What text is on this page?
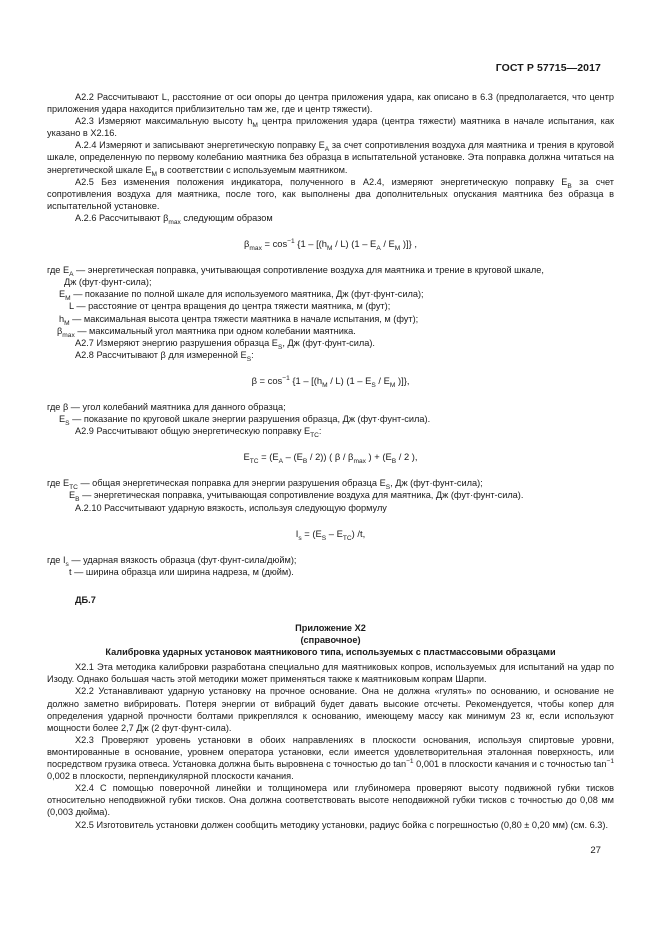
ГОСТ Р 57715—2017

А2.2 Рассчитывают L, расстояние от оси опоры до центра приложения удара, как описано в 6.3 (предполагается, что центр приложения удара находится приблизительно там же, где и центр тяжести).

А2.3 Измеряют максимальную высоту $h_M$ центра приложения удара (центра тяжести) маятника в начале испытания, как указано в Х2.16.

А.2.4 Измеряют и записывают энергетическую поправку $E_A$ за счет сопротивления воздуха для маятника и трения в круговой шкале, определенную по первому колебанию маятника без образца в испытательной установке. Эта поправка должна читаться на энергетической шкале $E_M$ в соответствии с используемым маятником.

А2.5 Без изменения положения индикатора, полученного в А2.4, измеряют энергетическую поправку $E_B$ за счет сопротивления воздуха для маятника, после того, как выполнены два дополнительных опускания маятника без образца в испытательной установке.

А.2.6 Рассчитывают $\beta_{max}$ следующим образом

$\beta_{max} = \cos^{-1} \{1 - [(h_M / L)$ ($1 - E_A / E_M$ )]} ,

где $E_A$ — энергетическая поправка, учитывающая сопротивление воздуха для маятника и трение в круговой шкале,

Дж (фут·фунт-сила);

$E_M$ — показание по полной шкале для используемого маятника, Дж (фут·фунт-сила);

L — расстояние от центра вращения до центра тяжести маятника, м (фут);

$h_M$ — максимальная высота центра тяжести маятника в начале испытания, м (фут);

$\beta_{max}$ — максимальный угол маятника при одном колебании маятника.

А2.7 Измеряют энергию разрушения образца $E_S$, Дж (фут·фунт-сила).

А2.8 Рассчитывают β для измеренной $E_S$:

$\beta = \cos^{-1} \{1 - [(h_M / L)$ ($1 - E_S / E_M$ )]},

где β — угол колебаний маятника для данного образца;

$E_S$ — показание по круговой шкале энергии разрушения образца, Дж (фут·фунт-сила).

А2.9 Рассчитывают общую энергетическую поправку $E_{TC}$:

$E_{TC} = (E_A - (E_B / 2))$ ( β / $\beta_{max}$ ) + ($E_B / 2$ ),

где $E_{TC}$ — общая энергетическая поправка для энергии разрушения образца $E_S$, Дж (фут·фунт-сила);

$E_B$ — энергетическая поправка, учитывающая сопротивление воздуха для маятника, Дж (фут·фунт-сила).

А.2.10 Рассчитывают ударную вязкость, используя следующую формулу

$I_s = (E_S - E_{TC})$ /t,

где $I_s$ — ударная вязкость образца (фут·фунт-сила/дюйм);

t — ширина образца или ширина надреза, м (дюйм).

ДБ.7

Приложение Х2

(справочное)

Калибровка ударных установок маятникового типа, используемых с пластмассовыми образцами

Х2.1 Эта методика калибровки разработана специально для маятниковых копров, используемых для испытаний на удар по Изоду. Однако большая часть этой методики может применяться также к маятниковым копрам Шарпи.

Х2.2 Устанавливают ударную установку на прочное основание. Она не должна «гулять» по основанию, и основание не должно заметно вибрировать. Потеря энергии от вибраций будет давать высокие отсчеты. Рекомендуется, чтобы копер для определения ударной прочности болтами прикреплялся к основанию, имеющему массу как минимум 23 кг, если используют мощности более 2,7 Дж (2 фут·фунт-сила).

Х2.3 Проверяют уровень установки в обоих направлениях в плоскости основания, используя спиртовые уровни, вмонтированные в основание, уровнем оператора установки, если имеется удовлетворительная эталонная поверхность, или посредством грузика отвеса. Установка должна быть выровнена с точностью до $\tan^{-1} 0,001$ в плоскости качания и с точностью $\tan^{-1} 0,002$ в плоскости, перпендикулярной плоскости качания.

Х2.4 С помощью поверочной линейки и толщиномера или глубиномера проверяют высоту подвижной губки тисков относительно неподвижной губки тисков. Она должна соответствовать высоте неподвижной губки тисков с точностью до 0,08 мм (0,003 дюйма).

Х2.5 Изготовитель установки должен сообщить методику установки, радиус бойка с погрешностью (0,80 ± 0,20 мм) (см. 6.3).

27
